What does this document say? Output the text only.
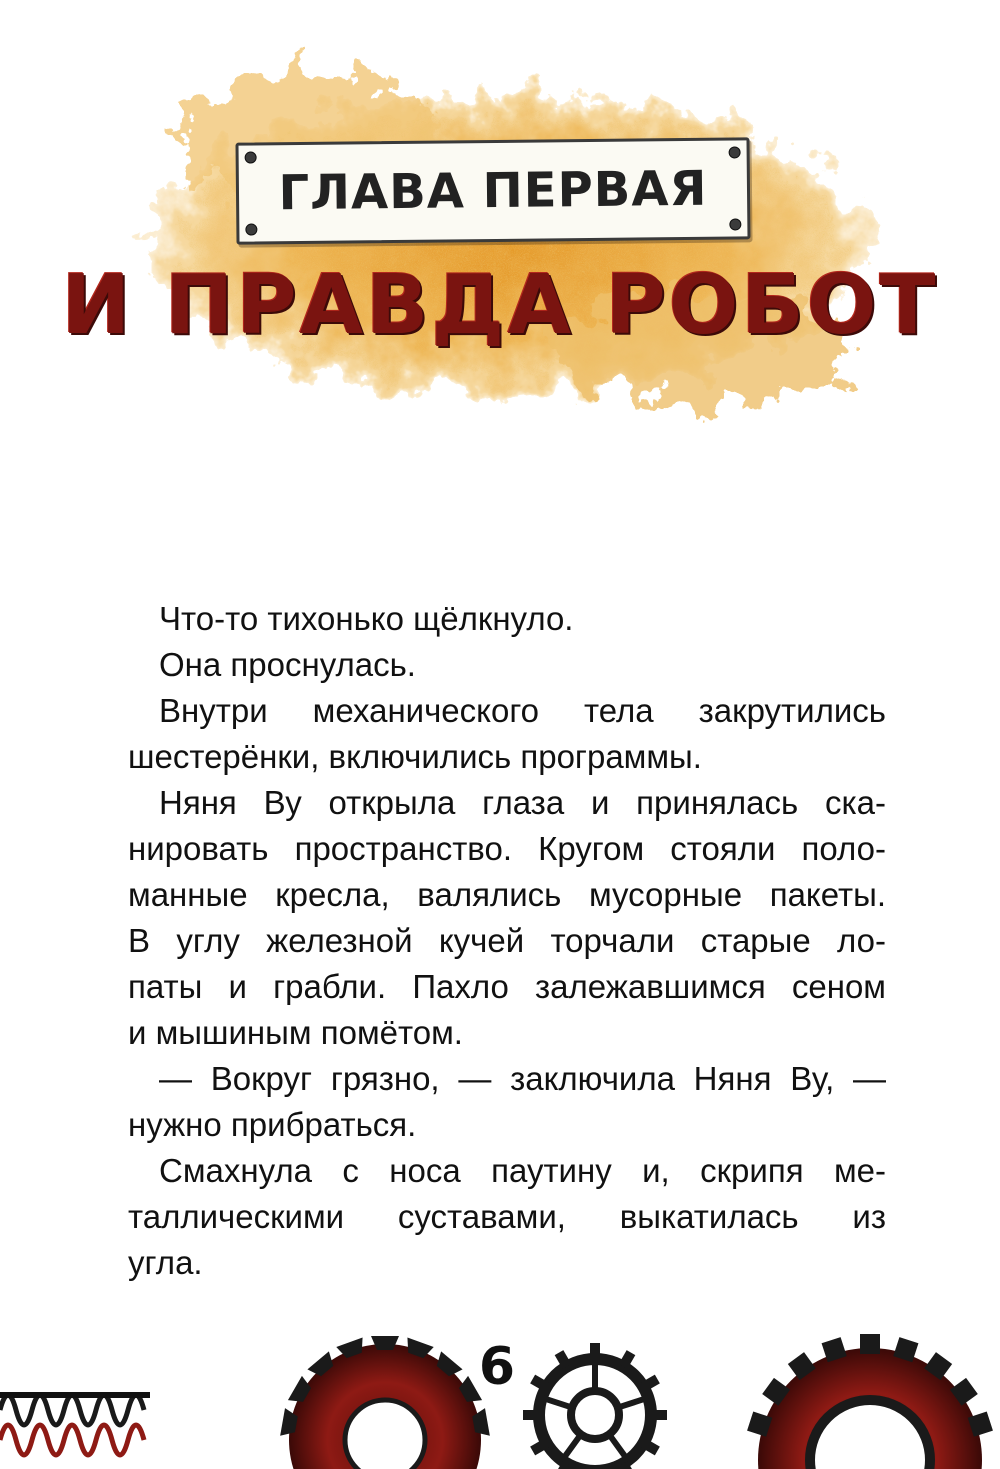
ГЛАВА ПЕРВАЯ
И ПРАВДА РОБОТ

Что-то тихонько щёлкнуло.

Она проснулась.

Внутри механического тела закрутились
шестерёнки, включились программы.

Няня Ву открыла глаза и принялась ска-
нировать пространство. Кругом стояли поло-
манные кресла, валялись мусорные пакеты.
В углу железной кучей торчали старые ло-
паты и грабли. Пахло залежавшимся сеном
и мышиным помётом.

— Вокруг грязно, — заключила Няня Ву, —
нужно прибраться.

Смахнула с носа паутину и, скрипя ме-
таллическими суставами, выкатилась из
угла.

6
